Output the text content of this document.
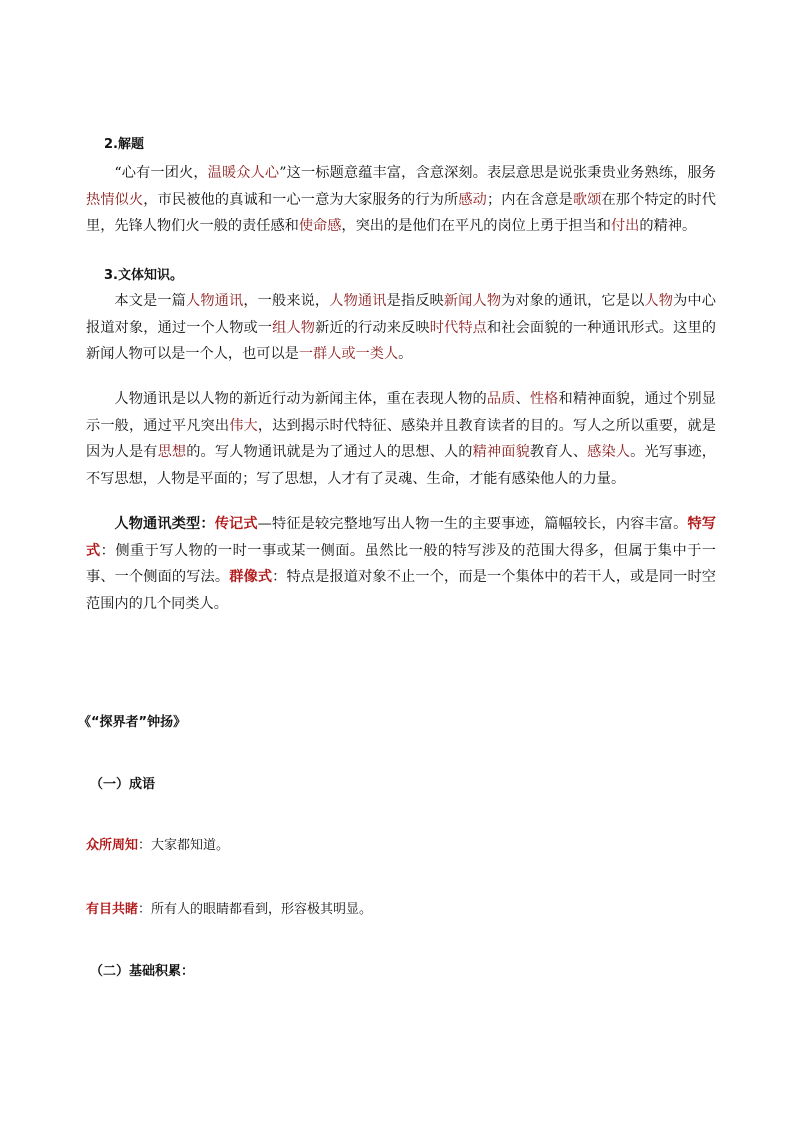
2.解题

“心有一团火，温暖众人心”这一标题意蕴丰富，含意深刻。表层意思是说张秉贵业务熟练，服务热情似火，市民被他的真诚和一心一意为大家服务的行为所感动；内在含意是歌颂在那个特定的时代里，先锋人物们火一般的责任感和使命感，突出的是他们在平凡的岗位上勇于担当和付出的精神。

3.文体知识。

本文是一篇人物通讯，一般来说，人物通讯是指反映新闻人物为对象的通讯，它是以人物为中心报道对象，通过一个人物或一组人物新近的行动来反映时代特点和社会面貌的一种通讯形式。这里的新闻人物可以是一个人，也可以是一群人或一类人。

人物通讯是以人物的新近行动为新闻主体，重在表现人物的品质、性格和精神面貌，通过个别显示一般，通过平凡突出伟大，达到揭示时代特征、感染并且教育读者的目的。写人之所以重要，就是因为人是有思想的。写人物通讯就是为了通过人的思想、人的精神面貌教育人、感染人。光写事迹，不写思想，人物是平面的；写了思想，人才有了灵魂、生命，才能有感染他人的力量。

人物通讯类型：传记式—特征是较完整地写出人物一生的主要事迹，篇幅较长，内容丰富。特写式：侧重于写人物的一时一事或某一侧面。虽然比一般的特写涉及的范围大得多，但属于集中于一事、一个侧面的写法。群像式：特点是报道对象不止一个，而是一个集体中的若干人，或是同一时空范围内的几个同类人。

《“探界者”钟扬》

（一）成语

众所周知：大家都知道。

有目共睹：所有人的眼睛都看到，形容极其明显。

（二）基础积累：
